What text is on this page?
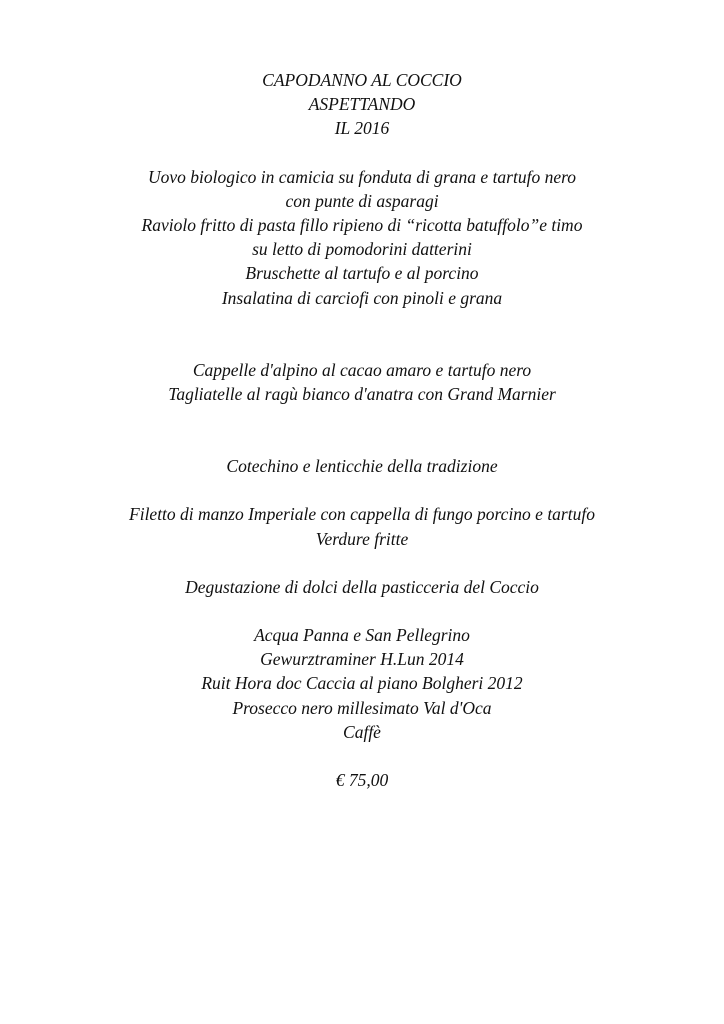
CAPODANNO AL COCCIO
ASPETTANDO
IL 2016
Uovo biologico in camicia su fonduta di grana e tartufo nero
con punte di asparagi
Raviolo fritto di pasta fillo ripieno di “ricotta batuffolo”e timo
su letto di pomodorini datterini
Bruschette al tartufo e al porcino
Insalatina di carciofi con pinoli e grana
Cappelle d'alpino al cacao amaro e tartufo nero
Tagliatelle al ragù bianco d'anatra con Grand Marnier
Cotechino e lenticchie della tradizione
Filetto di manzo Imperiale con cappella di fungo porcino e tartufo
Verdure fritte
Degustazione di dolci della pasticceria del Coccio
Acqua Panna e San Pellegrino
Gewurztraminer H.Lun 2014
Ruit Hora doc Caccia al piano Bolgheri 2012
Prosecco nero millesimato Val d'Oca
Caffè
€ 75,00
